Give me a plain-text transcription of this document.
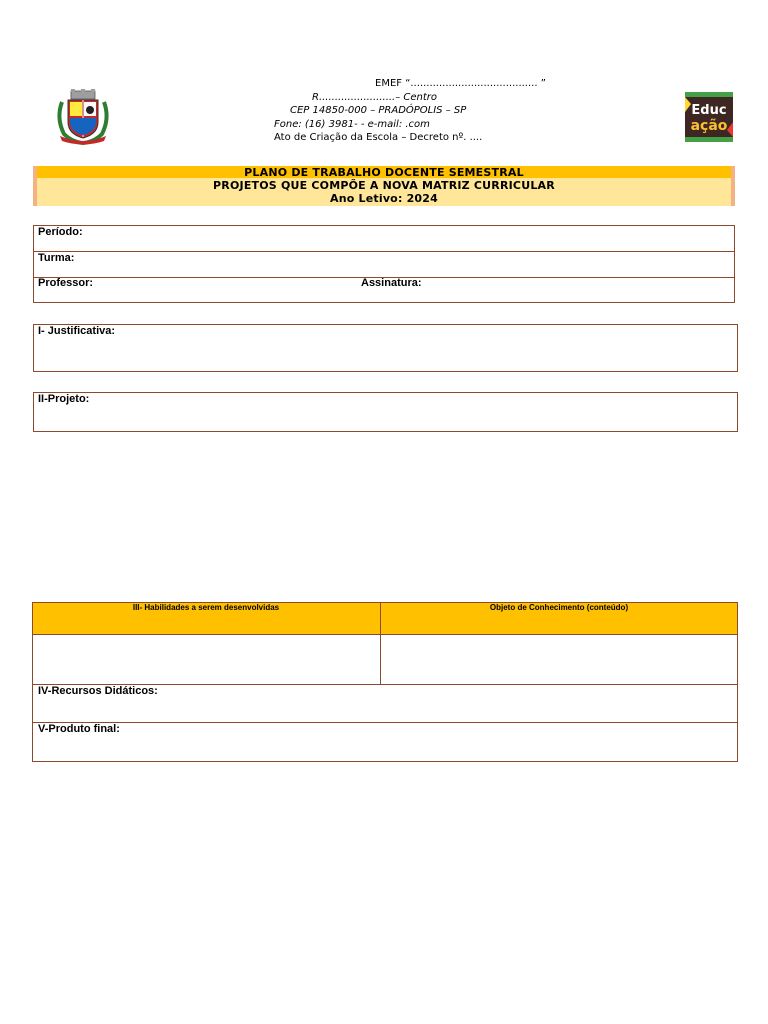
Educ
ação
EMEF “........................................ ”
R........................– Centro
CEP 14850-000 – PRADÓPOLIS – SP
Fone: (16) 3981- - e-mail: .com
Ato de Criação da Escola – Decreto nº. ....
PLANO DE TRABALHO DOCENTE SEMESTRAL
PROJETOS QUE COMPÕE A NOVA MATRIZ CURRICULAR
Ano Letivo: 2024
Período:
Turma:
Professor:	Assinatura:
I- Justificativa:
II-Projeto:
III- Habilidades a serem desenvolvidas	Objeto de Conhecimento (conteúdo)
IV-Recursos Didáticos:
V-Produto final:
